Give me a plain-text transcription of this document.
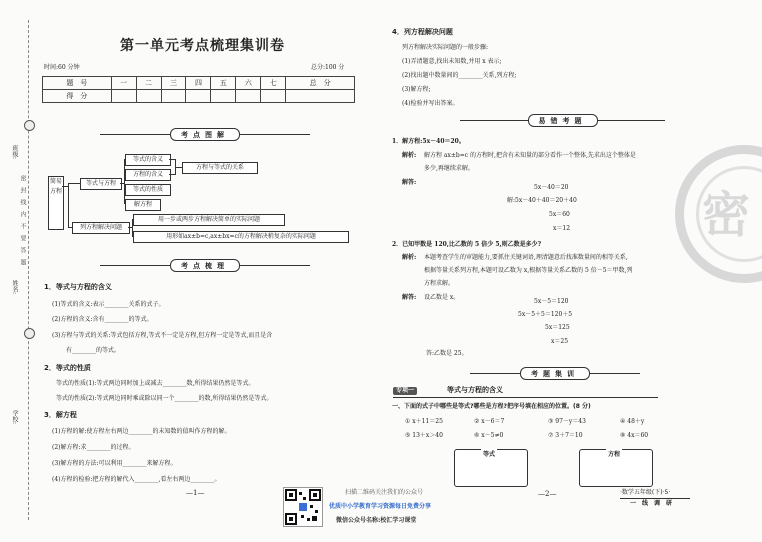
班级:
姓名:
学校:
密封线内不要答题
第一单元考点梳理集训卷
时间:60 分钟	总分:100 分
题　号	一	二	三	四	五	六	七	总　分
得　分								
考点图解
简易方程
等式与方程
等式的含义
方程的含义
等式的性质
解方程
方程与等式的关系
列方程解决问题
用一步或两步方程解决简单的实际问题
用形如ax±b=c,ax±bx=c的方程解决稍复杂的实际问题
考点梳理
1．等式与方程的含义
(1)等式的含义:表示________关系的式子。
(2)方程的含义:含有________的等式。
(3)方程与等式的关系:等式包括方程,等式不一定是方程,但方程一定是等式,而且是含
有________的等式。
2．等式的性质
等式的性质(1):等式两边同时加上或减去________数,所得结果仍然是等式。
等式的性质(2):等式两边同时乘或除以同一个________的数,所得结果仍然是等式。
3．解方程
(1)方程的解:使方程左右两边________的未知数的值叫作方程的解。
(2)解方程:求________的过程。
(3)解方程的方法:可以利用________来解方程。
(4)方程的检验:把方程的解代入________,看左右两边________。
—1—	扫描二维码关注我们的公众号
优质中小学教育学习资源每日免费分享
微信公众号名称:校汇学习课堂
4．列方程解决问题
列方程解决实际问题的一般步骤:
(1)弄清题意,找出未知数,并用 x 表示;
(2)找出题中数量间的________关系,列方程;
(3)解方程;
(4)检验并写出答案。
易错考题
1．解方程:5x－40＝20。
解析: 解方程 ax±b=c 的方程时,把含有未知量的部分看作一个整体,先求出这个整体是
多少,再继续求解。
解答:
5x－40＝20
解:5x－40＋40＝20＋40
5x＝60
x＝12
2．已知甲数是 120,比乙数的 5 倍少 5,则乙数是多少?
解析: 本题考查学生的审题能力,要抓住关键词语,理清题意后找准数量间的相等关系,
根据等量关系列方程,本题可设乙数为 x,根据等量关系乙数的 5 倍－5＝甲数,列
方程求解。
解答: 设乙数是 x。
5x－5＝120
5x－5＋5＝120＋5
5x＝125
x＝25
答:乙数是 25。
考题集训
专项一	等式与方程的含义
一、下面的式子中哪些是等式?哪些是方程?把序号填在相应的位置。(8 分)
① x＋11＝25	② x－6＝7	③ 97－y＝43	④ 48＋y
⑤ 13＋x＞40	⑥ x－5≠0	⑦ 3＋7＝10	⑧ 4x＝60
等式	方程
—2—	·数学五年级(下)·5·
一　线　调　研
密
